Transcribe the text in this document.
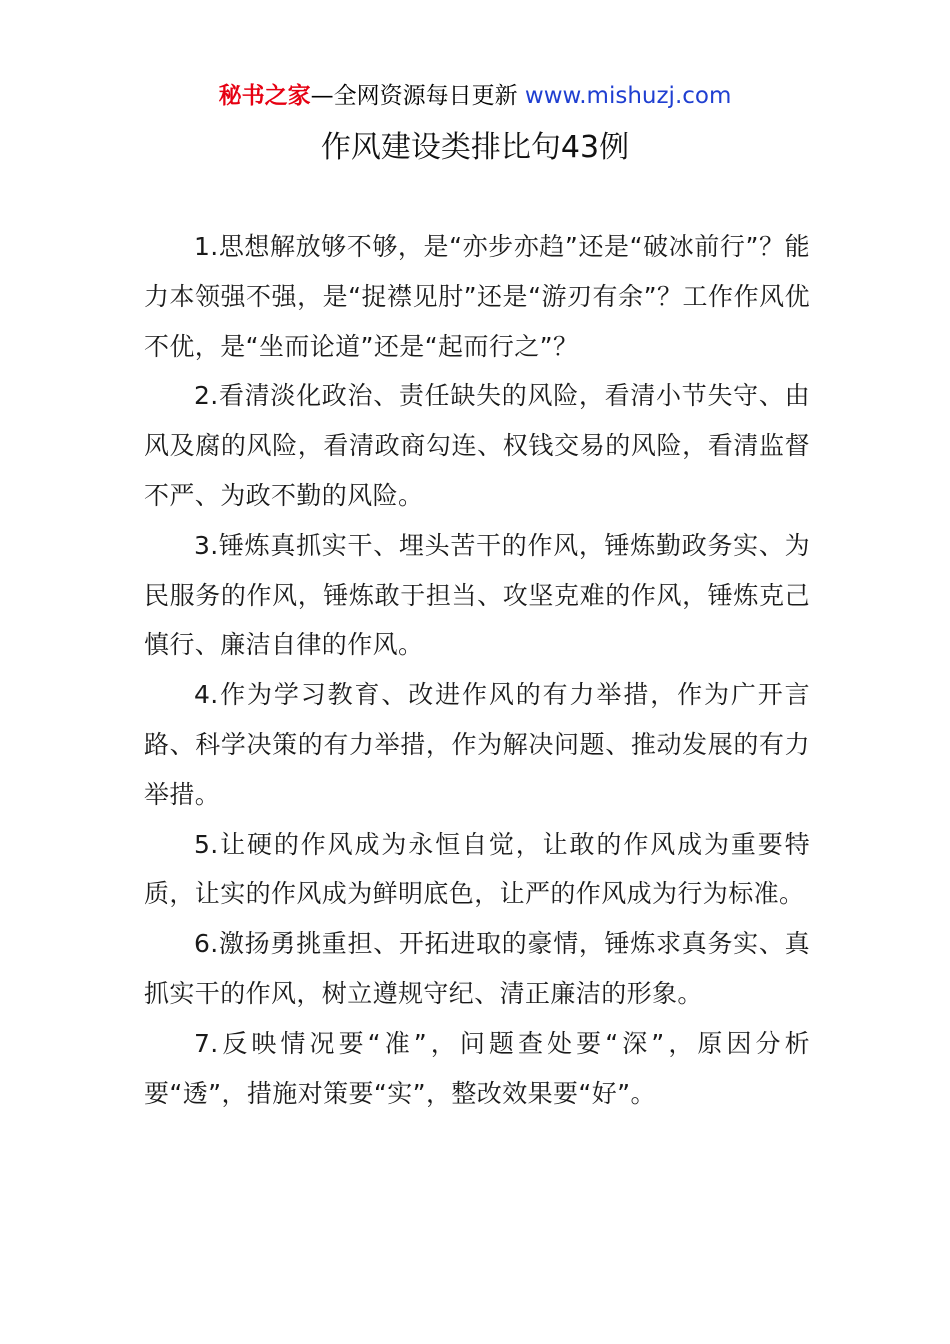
秘书之家—全网资源每日更新 www.mishuzj.com
作风建设类排比句43例

1.思想解放够不够，是“亦步亦趋”还是“破冰前行”？能力本领强不强，是“捉襟见肘”还是“游刃有余”？工作作风优不优，是“坐而论道”还是“起而行之”？

2.看清淡化政治、责任缺失的风险，看清小节失守、由风及腐的风险，看清政商勾连、权钱交易的风险，看清监督不严、为政不勤的风险。

3.锤炼真抓实干、埋头苦干的作风，锤炼勤政务实、为民服务的作风，锤炼敢于担当、攻坚克难的作风，锤炼克己慎行、廉洁自律的作风。

4.作为学习教育、改进作风的有力举措，作为广开言路、科学决策的有力举措，作为解决问题、推动发展的有力举措。

5.让硬的作风成为永恒自觉，让敢的作风成为重要特质，让实的作风成为鲜明底色，让严的作风成为行为标准。

6.激扬勇挑重担、开拓进取的豪情，锤炼求真务实、真抓实干的作风，树立遵规守纪、清正廉洁的形象。

7.反映情况要“准”，问题查处要“深”，原因分析要“透”，措施对策要“实”，整改效果要“好”。
